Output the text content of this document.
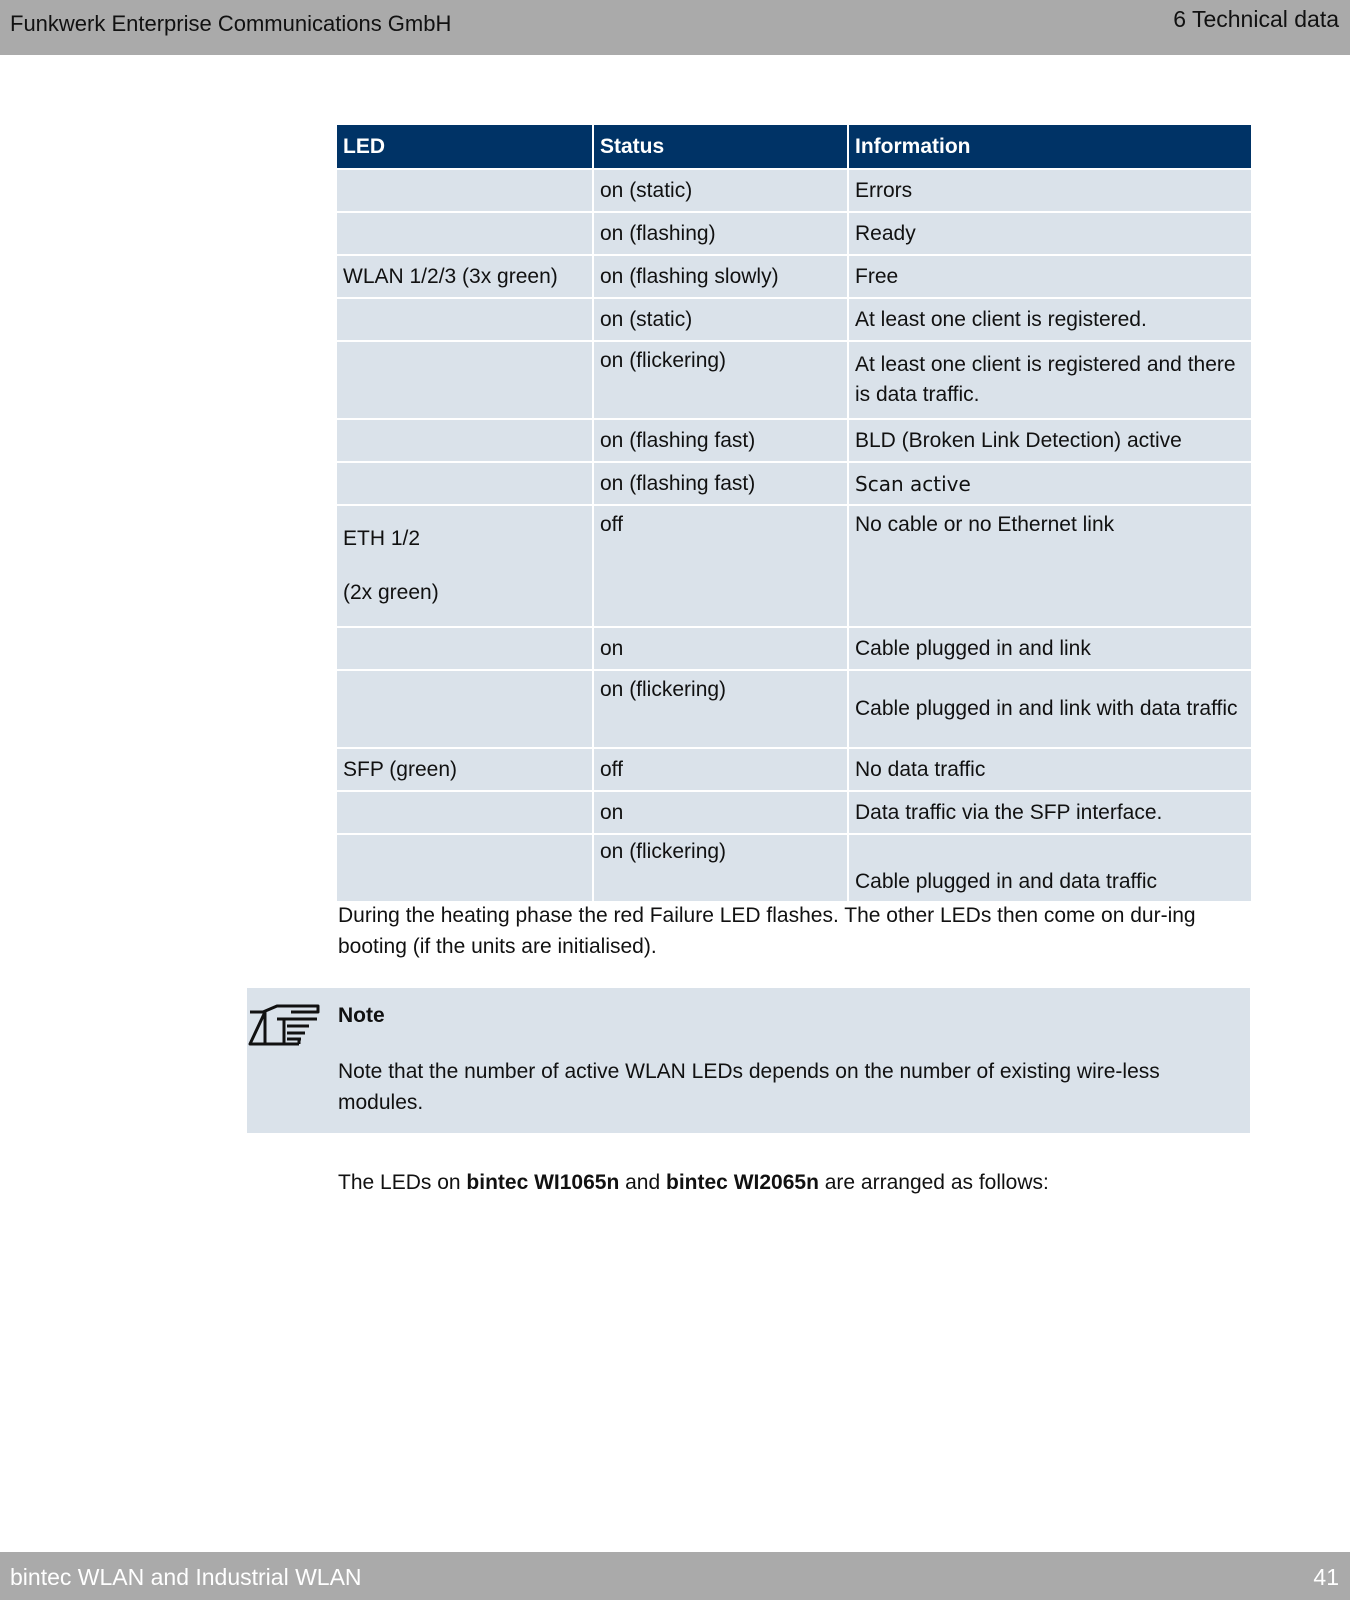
Funkwerk Enterprise Communications GmbH	6 Technical data
LED	Status	Information
	on (static)	Errors
	on (flashing)	Ready
WLAN 1/2/3 (3x green)	on (flashing slowly)	Free
	on (static)	At least one client is registered.
	on (flickering)	At least one client is registered and there is data traffic.
	on (flashing fast)	BLD (Broken Link Detection) active
	on (flashing fast)	Scan active

ETH 1/2
(2x green)	off	No cable or no Ethernet link
	on	Cable plugged in and link
	on (flickering)	Cable plugged in and link with data traffic
SFP (green)	off	No data traffic
	on	Data traffic via the SFP interface.
	on (flickering)	Cable plugged in and data traffic
During the heating phase the red Failure LED flashes. The other LEDs then come on dur-ing booting (if the units are initialised).
Note
Note that the number of active WLAN LEDs depends on the number of existing wire-less modules.
The LEDs on bintec WI1065n and bintec WI2065n are arranged as follows:
bintec WLAN and Industrial WLAN	41
